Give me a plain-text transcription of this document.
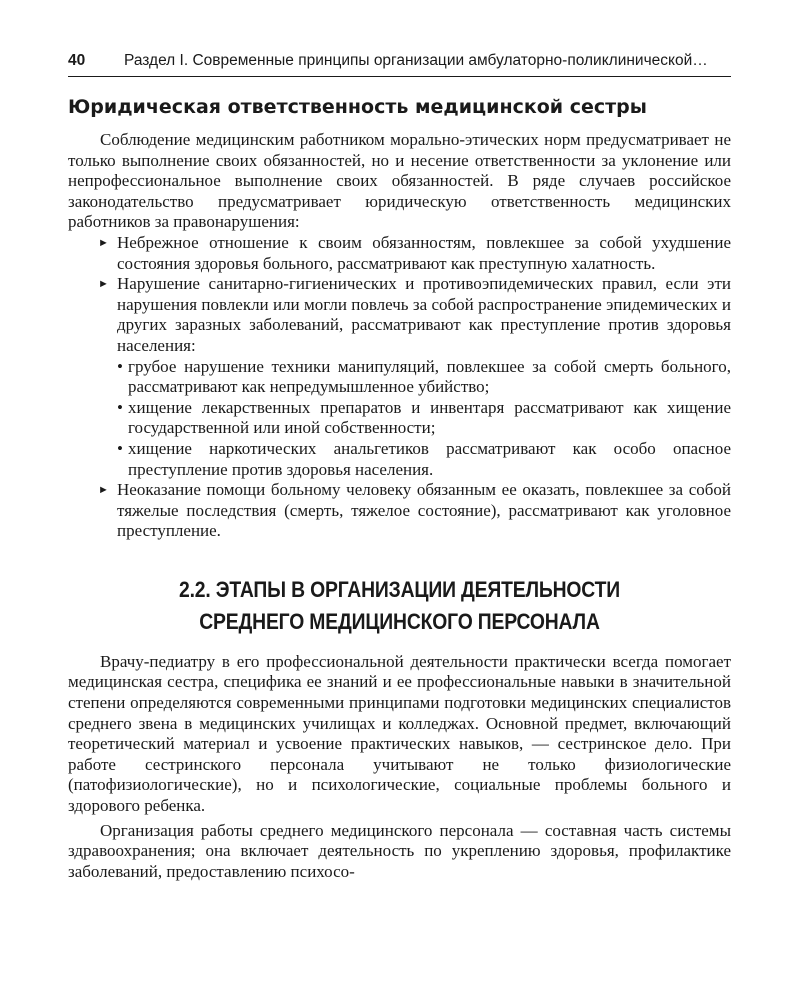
40	Раздел I. Современные принципы организации амбулаторно-поликлинической…
Юридическая ответственность медицинской сестры

Соблюдение медицинским работником морально-этических норм предусматривает не только выполнение своих обязанностей, но и несение ответственности за уклонение или непрофессиональное выполнение своих обязанностей. В ряде случаев российское законодательство предусматривает юридическую ответственность медицинских работников за правонарушения:

► Небрежное отношение к своим обязанностям, повлекшее за собой ухудшение состояния здоровья больного, рассматривают как преступную халатность.
► Нарушение санитарно-гигиенических и противоэпидемических правил, если эти нарушения повлекли или могли повлечь за собой распространение эпидемических и других заразных заболеваний, рассматривают как преступление против здоровья населения:
• грубое нарушение техники манипуляций, повлекшее за собой смерть больного, рассматривают как непредумышленное убийство;
• хищение лекарственных препаратов и инвентаря рассматривают как хищение государственной или иной собственности;
• хищение наркотических анальгетиков рассматривают как особо опасное преступление против здоровья населения.
► Неоказание помощи больному человеку обязанным ее оказать, повлекшее за собой тяжелые последствия (смерть, тяжелое состояние), рассматривают как уголовное преступление.
2.2. ЭТАПЫ В ОРГАНИЗАЦИИ ДЕЯТЕЛЬНОСТИ
СРЕДНЕГО МЕДИЦИНСКОГО ПЕРСОНАЛА

Врачу-педиатру в его профессиональной деятельности практически всегда помогает медицинская сестра, специфика ее знаний и ее профессиональные навыки в значительной степени определяются современными принципами подготовки медицинских специалистов среднего звена в медицинских училищах и колледжах. Основной предмет, включающий теоретический материал и усвоение практических навыков, — сестринское дело. При работе сестринского персонала учитывают не только физиологические (патофизиологические), но и психологические, социальные проблемы больного и здорового ребенка.

Организация работы среднего медицинского персонала — составная часть системы здравоохранения; она включает деятельность по укреплению здоровья, профилактике заболеваний, предоставлению психосо-
